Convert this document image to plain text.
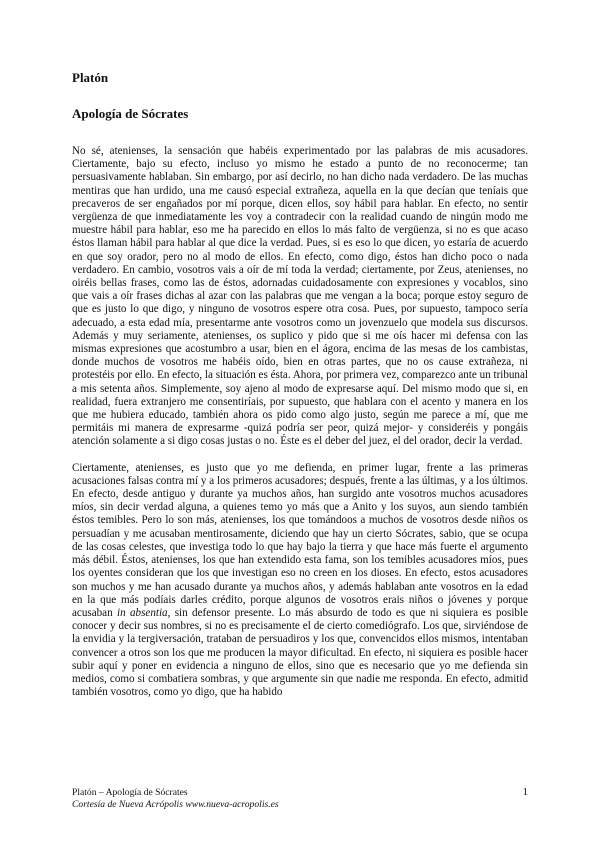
Platón
Apología de Sócrates

No sé, atenienses, la sensación que habéis experimentado por las palabras de mis acusadores. Ciertamente, bajo su efecto, incluso yo mismo he estado a punto de no reconocerme; tan persuasivamente hablaban. Sin embargo, por así decirlo, no han dicho nada verdadero. De las muchas mentiras que han urdido, una me causó especial extrañeza, aquella en la que decían que teníais que precaveros de ser engañados por mí porque, dicen ellos, soy hábil para hablar. En efecto, no sentir vergüenza de que inmediatamente les voy a contradecir con la realidad cuando de ningún modo me muestre hábil para hablar, eso me ha parecido en ellos lo más falto de vergüenza, si no es que acaso éstos llaman hábil para hablar al que dice la verdad. Pues, si es eso lo que dicen, yo estaría de acuerdo en que soy orador, pero no al modo de ellos. En efecto, como digo, éstos han dicho poco o nada verdadero. En cambio, vosotros vais a oír de mí toda la verdad; ciertamente, por Zeus, atenienses, no oiréis bellas frases, como las de éstos, adornadas cuidadosamente con expresiones y vocablos, sino que vais a oír frases dichas al azar con las palabras que me vengan a la boca; porque estoy seguro de que es justo lo que digo, y ninguno de vosotros espere otra cosa. Pues, por supuesto, tampoco sería adecuado, a esta edad mía, presentarme ante vosotros como un jovenzuelo que modela sus discursos. Además y muy seriamente, atenienses, os suplico y pido que si me oís hacer mi defensa con las mismas expresiones que acostumbro a usar, bien en el ágora, encima de las mesas de los cambistas, donde muchos de vosotros me habéis oído, bien en otras partes, que no os cause extrañeza, ni protestéis por ello. En efecto, la situación es ésta. Ahora, por primera vez, comparezco ante un tribunal a mis setenta años. Simplemente, soy ajeno al modo de expresarse aquí. Del mismo modo que si, en realidad, fuera extranjero me consentiríais, por supuesto, que hablara con el acento y manera en los que me hubiera educado, también ahora os pido como algo justo, según me parece a mí, que me permitáis mi manera de expresarme -quizá podría ser peor, quizá mejor- y consideréis y pongáis atención solamente a si digo cosas justas o no. Éste es el deber del juez, el del orador, decir la verdad.

Ciertamente, atenienses, es justo que yo me defienda, en primer lugar, frente a las primeras acusaciones falsas contra mí y a los primeros acusadores; después, frente a las últimas, y a los últimos. En efecto, desde antiguo y durante ya muchos años, han surgido ante vosotros muchos acusadores míos, sin decir verdad alguna, a quienes temo yo más que a Anito y los suyos, aun siendo también éstos temibles. Pero lo son más, atenienses, los que tomándoos a muchos de vosotros desde niños os persuadían y me acusaban mentirosamente, diciendo que hay un cierto Sócrates, sabio, que se ocupa de las cosas celestes, que investiga todo lo que hay bajo la tierra y que hace más fuerte el argumento más débil. Éstos, atenienses, los que han extendido esta fama, son los temibles acusadores míos, pues los oyentes consideran que los que investigan eso no creen en los dioses. En efecto, estos acusadores son muchos y me han acusado durante ya muchos años, y además hablaban ante vosotros en la edad en la que más podíais darles crédito, porque algunos de vosotros erais niños o jóvenes y porque acusaban in absentia, sin defensor presente. Lo más absurdo de todo es que ni siquiera es posible conocer y decir sus nombres, si no es precisamente el de cierto comediógrafo. Los que, sirviéndose de la envidia y la tergiversación, trataban de persuadiros y los que, convencidos ellos mismos, intentaban convencer a otros son los que me producen la mayor dificultad. En efecto, ni siquiera es posible hacer subir aquí y poner en evidencia a ninguno de ellos, sino que es necesario que yo me defienda sin medios, como si combatiera sombras, y que argumente sin que nadie me responda. En efecto, admitid también vosotros, como yo digo, que ha habido

Platón – Apología de Sócrates
Cortesía de Nueva Acrópolis www.nueva-acropolis.es
1
